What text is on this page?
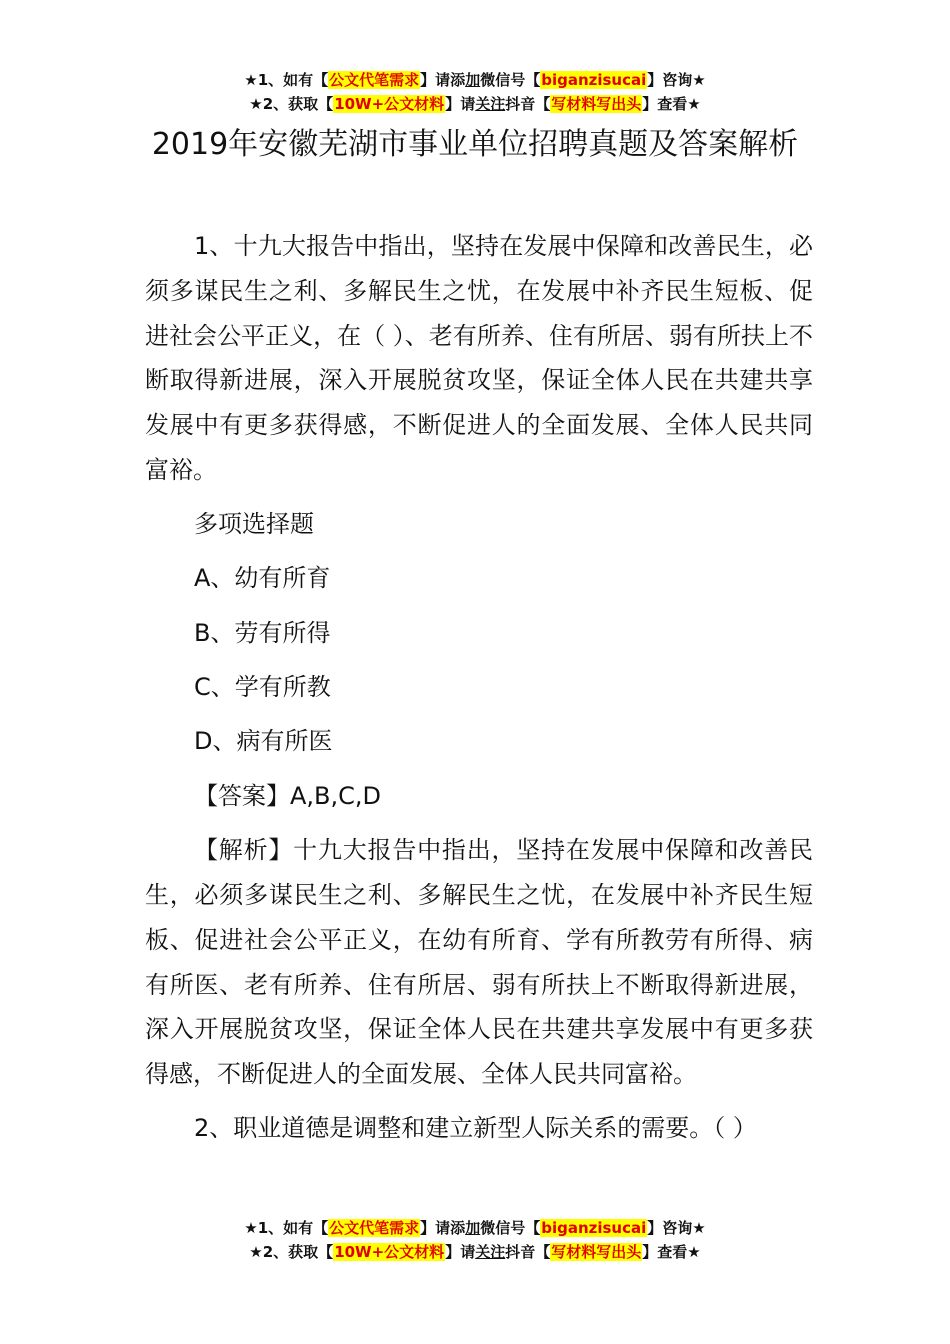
★1、如有【公文代笔需求】请添加微信号【biganzisucai】咨询★
★2、获取【10W+公文材料】请关注抖音【写材料写出头】查看★
2019年安徽芜湖市事业单位招聘真题及答案解析

1、十九大报告中指出，坚持在发展中保障和改善民生，必须多谋民生之利、多解民生之忧，在发展中补齐民生短板、促进社会公平正义，在（ ）、老有所养、住有所居、弱有所扶上不断取得新进展，深入开展脱贫攻坚，保证全体人民在共建共享发展中有更多获得感，不断促进人的全面发展、全体人民共同富裕。

多项选择题
A、幼有所育
B、劳有所得
C、学有所教
D、病有所医
【答案】A,B,C,D

【解析】十九大报告中指出，坚持在发展中保障和改善民生，必须多谋民生之利、多解民生之忧，在发展中补齐民生短板、促进社会公平正义，在幼有所育、学有所教劳有所得、病有所医、老有所养、住有所居、弱有所扶上不断取得新进展，深入开展脱贫攻坚，保证全体人民在共建共享发展中有更多获得感，不断促进人的全面发展、全体人民共同富裕。

2、职业道德是调整和建立新型人际关系的需要。（ ）

★1、如有【公文代笔需求】请添加微信号【biganzisucai】咨询★
★2、获取【10W+公文材料】请关注抖音【写材料写出头】查看★
